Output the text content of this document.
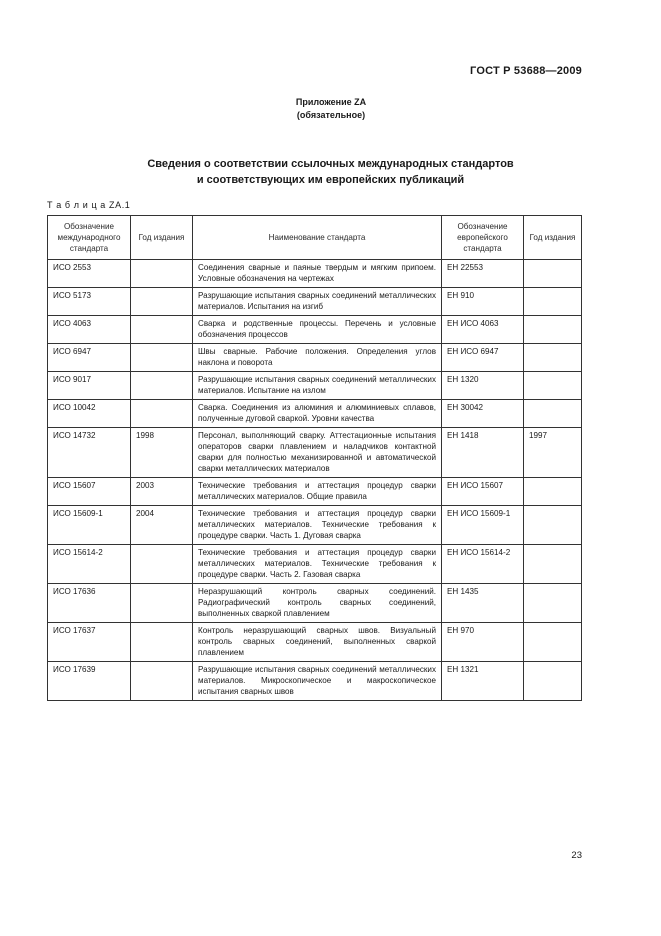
ГОСТ Р 53688—2009
Приложение ZA
(обязательное)
Сведения о соответствии ссылочных международных стандартов
и соответствующих им европейских публикаций
Т а б л и ц а ZA.1
Обозначение международного стандарта	Год издания	Наименование стандарта	Обозначение европейского стандарта	Год издания
ИСО 2553		Соединения сварные и паяные твердым и мягким припоем. Условные обозначения на чертежах	ЕН 22553	
ИСО 5173		Разрушающие испытания сварных соединений металлических материалов. Испытания на изгиб	ЕН 910	
ИСО 4063		Сварка и родственные процессы. Перечень и условные обозначения процессов	ЕН ИСО 4063	
ИСО 6947		Швы сварные. Рабочие положения. Определения углов наклона и поворота	ЕН ИСО 6947	
ИСО 9017		Разрушающие испытания сварных соединений металлических материалов. Испытание на излом	ЕН 1320	
ИСО 10042		Сварка. Соединения из алюминия и алюминиевых сплавов, полученные дуговой сваркой. Уровни качества	ЕН 30042	
ИСО 14732	1998	Персонал, выполняющий сварку. Аттестационные испытания операторов сварки плавлением и наладчиков контактной сварки для полностью механизированной и автоматической сварки металлических материалов	ЕН 1418	1997
ИСО 15607	2003	Технические требования и аттестация процедур сварки металлических материалов. Общие правила	ЕН ИСО 15607	
ИСО 15609-1	2004	Технические требования и аттестация процедур сварки металлических материалов. Технические требования к процедуре сварки. Часть 1. Дуговая сварка	ЕН ИСО 15609-1	
ИСО 15614-2		Технические требования и аттестация процедур сварки металлических материалов. Технические требования к процедуре сварки. Часть 2. Газовая сварка	ЕН ИСО 15614-2	
ИСО 17636		Неразрушающий контроль сварных соединений. Радиографический контроль сварных соединений, выполненных сваркой плавлением	ЕН 1435	
ИСО 17637		Контроль неразрушающий сварных швов. Визуальный контроль сварных соединений, выполненных сваркой плавлением	ЕН 970	
ИСО 17639		Разрушающие испытания сварных соединений металлических материалов. Микроскопическое и макроскопическое испытания сварных швов	ЕН 1321	
23
